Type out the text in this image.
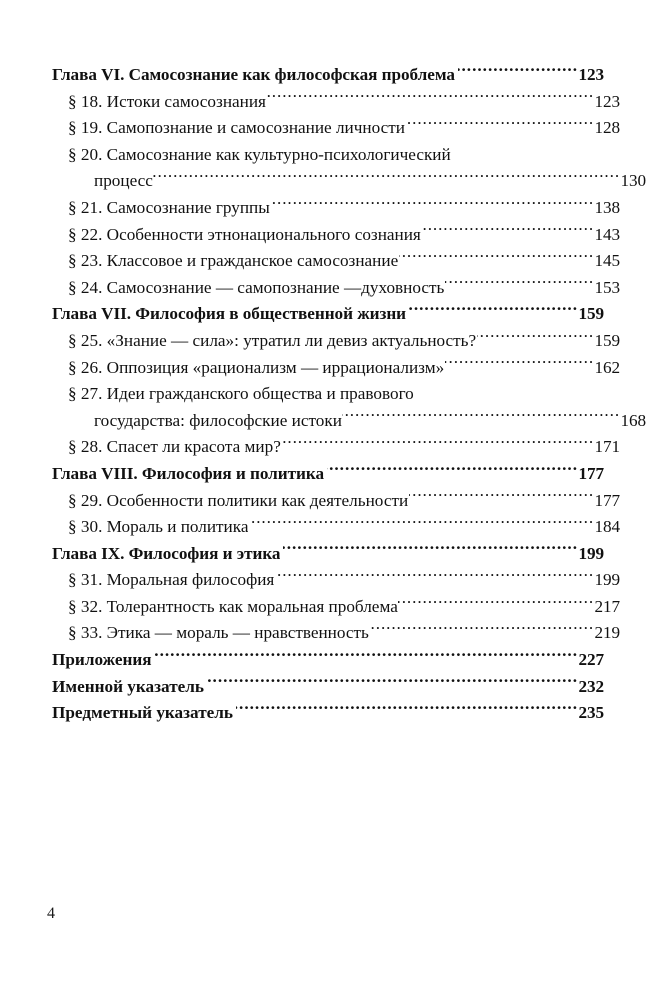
Глава VI. Самосознание как философская проблема .....	123
§ 18. Истоки самосознания .....	123
§ 19. Самопознание и самосознание личности .....	128
§ 20. Самосознание как культурно-психологический
процесс .....	130
§ 21. Самосознание группы .....	138
§ 22. Особенности этнонационального сознания .....	143
§ 23. Классовое и гражданское самосознание .....	145
§ 24. Самосознание — самопознание —духовность .....	153
Глава VII. Философия в общественной жизни .....	159
§ 25. «Знание — сила»: утратил ли девиз актуальность? .....	159
§ 26. Оппозиция «рационализм — иррационализм» .....	162
§ 27. Идеи гражданского общества и правового
государства: философские истоки .....	168
§ 28. Спасет ли красота мир? .....	171
Глава VIII. Философия и политика .....	177
§ 29. Особенности политики как деятельности .....	177
§ 30. Мораль и политика .....	184
Глава IX. Философия и этика .....	199
§ 31. Моральная философия .....	199
§ 32. Толерантность как моральная проблема .....	217
§ 33. Этика — мораль — нравственность .....	219
Приложения .....	227
Именной указатель .....	232
Предметный указатель .....	235
4
